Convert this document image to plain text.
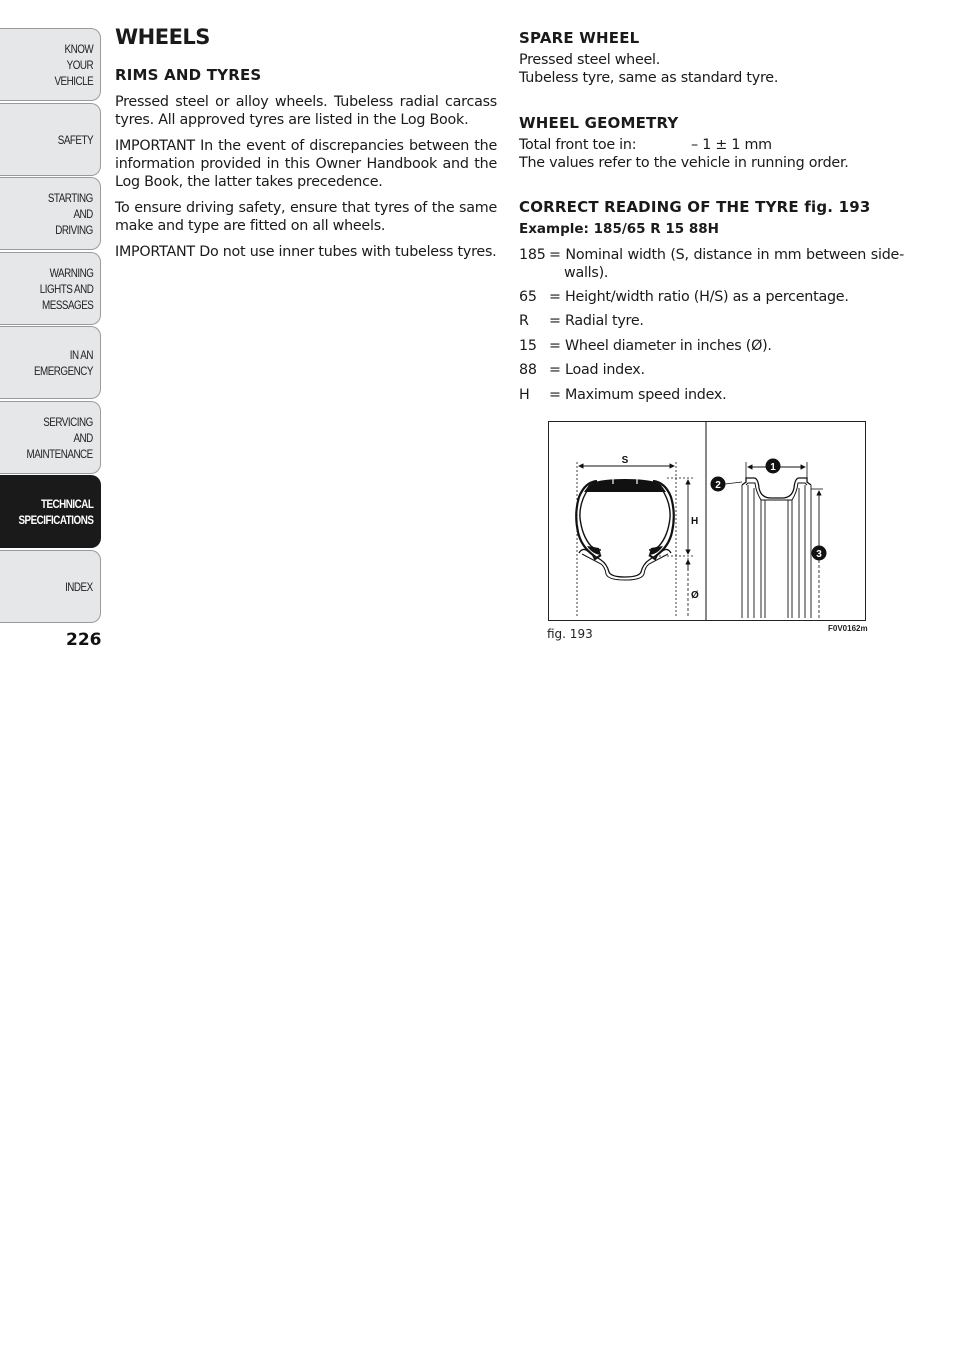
KNOW
YOUR
VEHICLE
SAFETY
STARTING
AND
DRIVING
WARNING
LIGHTS AND
MESSAGES
IN AN
EMERGENCY
SERVICING
AND
MAINTENANCE
TECHNICAL
SPECIFICATIONS
INDEX
226
WHEELS
RIMS AND TYRES
Pressed steel or alloy wheels. Tubeless radial carcass tyres. All approved tyres are listed in the Log Book.
IMPORTANT In the event of discrepancies between the information provided in this Owner Handbook and the Log Book, the latter takes precedence.
To ensure driving safety, ensure that tyres of the same make and type are fitted on all wheels.
IMPORTANT Do not use inner tubes with tubeless tyres.
SPARE WHEEL
Pressed steel wheel.
Tubeless tyre, same as standard tyre.
WHEEL GEOMETRY
Total front toe in:	– 1 ± 1 mm
The values refer to the vehicle in running order.
CORRECT READING OF THE TYRE fig. 193
Example: 185/65 R 15 88H
185 = Nominal width (S, distance in mm between side-walls).
65 = Height/width ratio (H/S) as a percentage.
R	= Radial tyre.
15 = Wheel diameter in inches (Ø).
88 = Load index.
H	= Maximum speed index.
S
H
Ø
1
2
3
fig. 193	F0V0162m
